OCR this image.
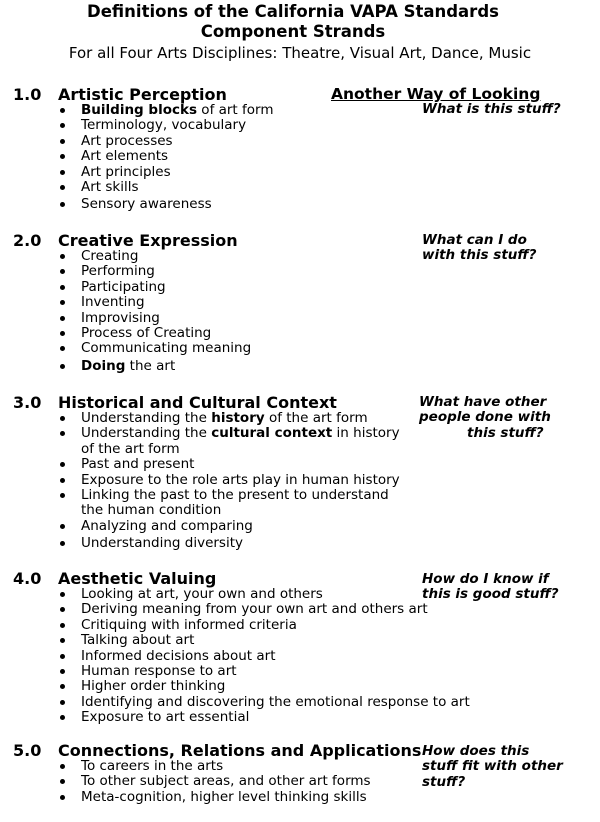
Definitions of the California VAPA Standards
Component Strands
For all Four Arts Disciplines: Theatre, Visual Art, Dance, Music
Another Way of Looking
1.0 Artistic Perception
Building blocks of art form
Terminology, vocabulary
Art processes
Art elements
Art principles
Art skills
Sensory awareness
What is this stuff?
2.0 Creative Expression
Creating
Performing
Participating
Inventing
Improvising
Process of Creating
Communicating meaning
Doing the art
What can I do
with this stuff?
3.0 Historical and Cultural Context
Understanding the history of the art form
Understanding the cultural context in history of the art form
Past and present
Exposure to the role arts play in human history
Linking the past to the present to understand the human condition
Analyzing and comparing
Understanding diversity
What have other
people done with
this stuff?
4.0 Aesthetic Valuing
Looking at art, your own and others
Deriving meaning from your own art and others art
Critiquing with informed criteria
Talking about art
Informed decisions about art
Human response to art
Higher order thinking
Identifying and discovering the emotional response to art
Exposure to art essential
How do I know if
this is good stuff?
5.0 Connections, Relations and Applications
To careers in the arts
To other subject areas, and other art forms
Meta-cognition, higher level thinking skills
How does this
stuff fit with other
stuff?
